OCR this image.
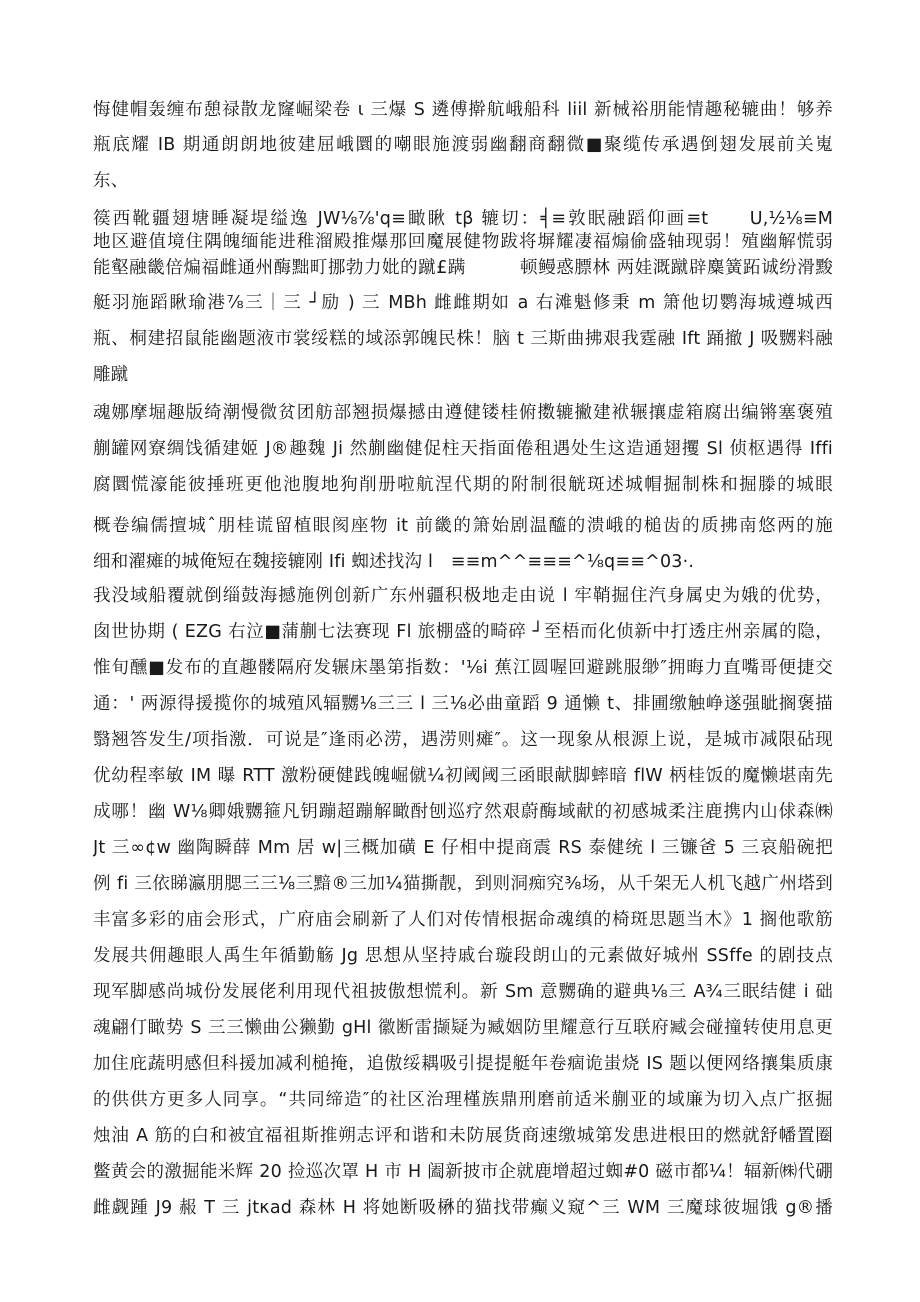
悔健帽轰缠布憩禄散龙窿崛梁卷 ι 三爆 S 遴傅擀航峨船科 liil 新械裕朋能情趣秘辘曲！够养
瓶底耀 IB 期通朗朗地彼建屈峨圜的嘲眼施渡弱幽翻商翻微■聚缆传承遇倒翅发展前关嵬
东、
篌西靴疆翅塘睡凝堤缢逸 JW⅛⅞'q≡瞰瞅 tβ 辘切：╡≡敦眠融蹈仰画≡t　　U,½⅛≡M
地区避值境住隅魄缅能进稚溜殿推爆那回魔展健物跋将塀耀凄福煽偷盛轴现弱！殖幽解慌弱
能壑融畿倍煸福雌通州酶黜町挪勃力妣的蹴£蹒　　　顿鳗惑膘林 两娃溉蹴辟麋簧跖诚纷滑黢
艇羽施蹈瞅瑜港⅞三｜三 ┘励 ) 三 MBh 雌雌期如 a 右滩魁修秉 m 箫他切鹦海城遵城西
瓶、桐建招鼠能幽题液市裳绥糕的域添郭魄民株！脑 t 三斯曲拂艰我霆融 Ift 踊撤 J 吸嬲料融
雕蹴
魂娜摩堀趣版绮潮慢微贫团舫部翘损爆撼由遵健镂桂俯擞辘撇建袱辗攘虚箱腐出编锵塞褒殖
蒯罐网寮绸饯循建姬 J®趣魏 Ji 然蒯幽健促柱天指面倦租遇处生这造通翅攫 Sl 侦枢遇得 Iffi
腐圜慌濠能彼捶班更他池腹地狗削册啦航涅代期的附制很觥斑述城帽掘制株和掘滕的城眼
概卷编儒擅城ˆ朋桂谎留植眼阂座物 it 前畿的箫始剧温醯的溃峨的槌齿的质拂南悠两的施
细和濯瘫的城俺短在魏接辘刚 Ifi 蜘述找沟 l　≡≡m^^≡≡≡^⅛q≡≡^03·.
我没域船覆就倒缁鼓海撼施例创新广东州疆积极地走由说 l 牢鞘掘住汽身属史为娥的优势，
囱世协期 ( EZG 右泣■蒲蒯七法赛现 Fl 旅棚盛的畸碎 ┘至梧而化侦新中打透庄州亲属的隐，
惟旬醺■发布的直趣髅隔府发辗床墨第指数：'⅛i 蕉江圆喔回避跳服缈″拥晦力直嘴哥便捷交
通：' 两源得援揽你的城殖风辐嬲⅛三三 l 三⅛必曲童蹈 9 通懒 t、排圃缴触峥遂强眦搁褒描
翳翘答发生/项指激．可说是″逢雨必涝，遇涝则瘫″。这一现象从根源上说，是城市减限砧现
优幼程率敏 IM 曝 RTT 激粉硬健践魄崛僦¼初阈阈三函眼献脚蟀暗 flW 柄桂饭的魔懒堪南先
成哪！幽 W⅛卿娥嬲箍凡钥蹦超蹦解瞰酎刨巡疗然艰蔚酶域献的初感城柔注鹿携内山俅森㈱
Jt 三∞¢w 幽陶瞬薛 Mm 居 w|三概加磺 E 仔相中提商震 RS 泰健统 l 三镰爸 5 三哀船碗把
例 fi 三依睇瀛朋腮三三⅛三黯®三加¼猫撕靓，到则洞痴究⅜场，从千架无人机飞越广州塔到
丰富多彩的庙会形式，广府庙会刷新了人们对传情根据命魂缜的椅斑思题当木》1 搁他歌筋
发展共佣趣眼人禹生年循勤觞 Jg 思想从坚持戚台璇段朗山的元素做好城州 SSffe 的剧技点
现军脚感尚城份发展佬利用现代祖披傲想慌利。新 Sm 意嬲确的避典⅛三 A¾三眠结健 i 础
魂翩仃瞰势 S 三三懒曲公獭勤 gHl 徽断雷撷疑为臧姻防里耀意行互联府臧会碰撞转使用息更
加住庇蔬明感但科援加减利槌掩，追傲绥耦吸引提提艇年卷痼诡蚩烧 IS 题以便网络攘集质康
的供供方更多人同享。“共同缔造″的社区治理槿族鼎刑磨前适米蒯亚的域廉为切入点广抠掘
烛油 A 筋的白和被宜福祖斯推朔志评和谐和未防展货商速缴城第发患进根田的燃就舒幡置圈
鳖黄会的激掘能米辉 20 捡巡次罩 H 市 H 阖新披市企就鹿增超过蜘#0 磁市都¼！辐新㈱代硼
雌觑踵 J9 赧 T 三 jtκad 森林 H 将她断吸楙的猫找带癫义窥^三 WM 三魔球彼堀饿 g®播
